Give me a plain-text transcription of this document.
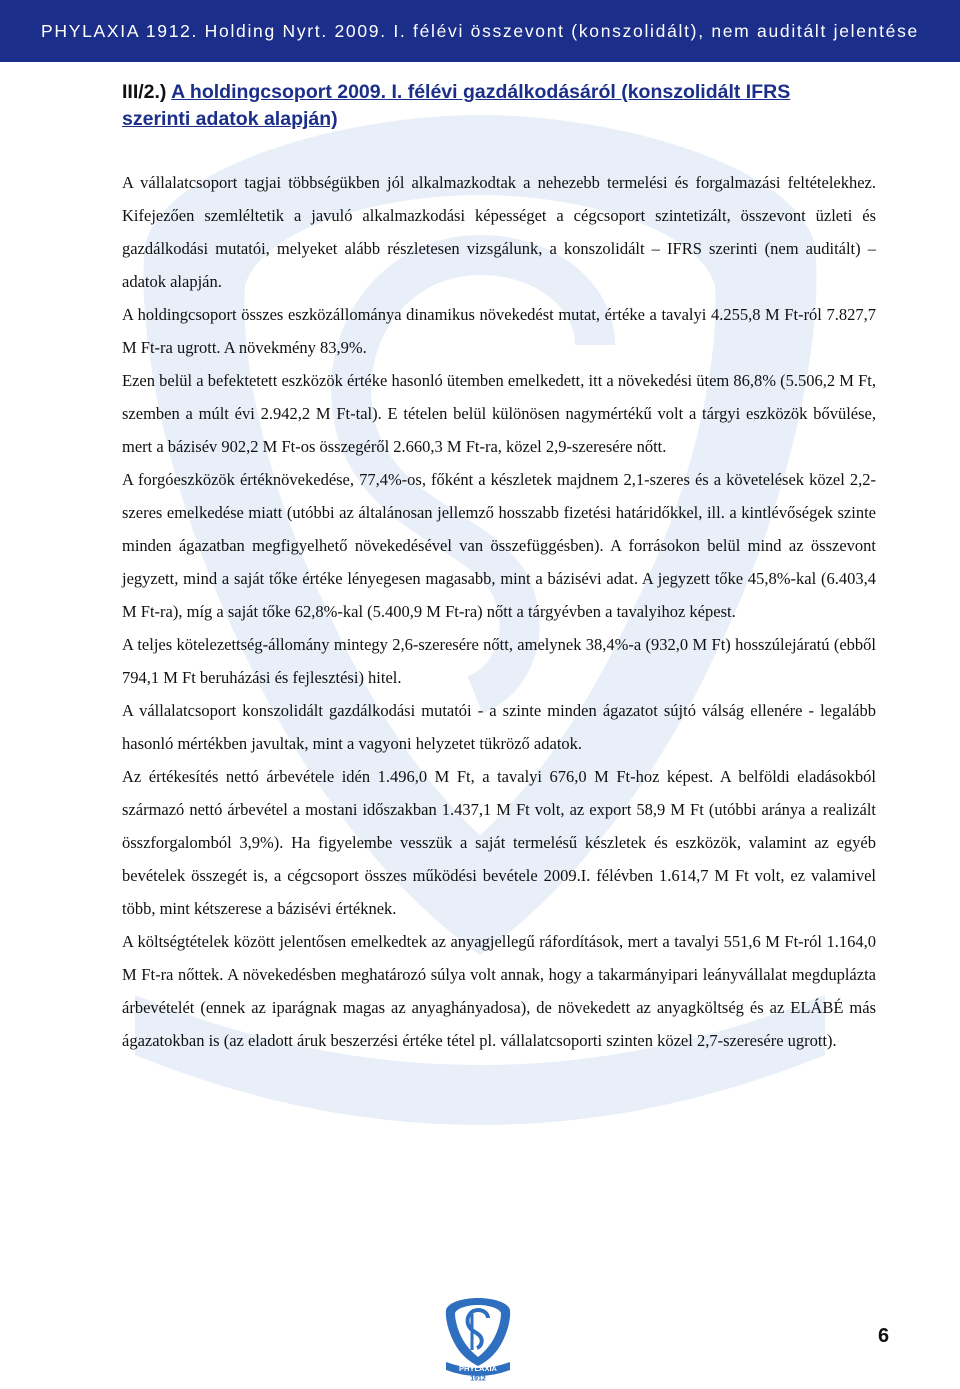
PHYLAXIA 1912. Holding Nyrt. 2009. I. félévi összevont (konszolidált), nem auditált jelentése
III/2.) A holdingcsoport 2009. I. félévi gazdálkodásáról (konszolidált IFRS szerinti adatok alapján)

A vállalatcsoport tagjai többségükben jól alkalmazkodtak a nehezebb termelési és forgalmazási feltételekhez. Kifejezően szemléltetik a javuló alkalmazkodási képességet a cégcsoport szintetizált, összevont üzleti és gazdálkodási mutatói, melyeket alább részletesen vizsgálunk, a konszolidált – IFRS szerinti (nem auditált) – adatok alapján.

A holdingcsoport összes eszközállománya dinamikus növekedést mutat, értéke a tavalyi 4.255,8 M Ft-ról 7.827,7 M Ft-ra ugrott. A növekmény 83,9%.

Ezen belül a befektetett eszközök értéke hasonló ütemben emelkedett, itt a növekedési ütem 86,8% (5.506,2 M Ft, szemben a múlt évi 2.942,2 M Ft-tal). E tételen belül különösen nagymértékű volt a tárgyi eszközök bővülése, mert a bázisév 902,2 M Ft-os összegéről 2.660,3 M Ft-ra, közel 2,9-szeresére nőtt.

A forgóeszközök értéknövekedése, 77,4%-os, főként a készletek majdnem 2,1-szeres és a követelések közel 2,2-szeres emelkedése miatt (utóbbi az általánosan jellemző hosszabb fizetési határidőkkel, ill. a kintlévőségek szinte minden ágazatban megfigyelhető növekedésével van összefüggésben). A forrásokon belül mind az összevont jegyzett, mind a saját tőke értéke lényegesen magasabb, mint a bázisévi adat. A jegyzett tőke 45,8%-kal (6.403,4 M Ft-ra), míg a saját tőke 62,8%-kal (5.400,9 M Ft-ra) nőtt a tárgyévben a tavalyihoz képest.

A teljes kötelezettség-állomány mintegy 2,6-szeresére nőtt, amelynek 38,4%-a (932,0 M Ft) hosszúlejáratú (ebből 794,1 M Ft beruházási és fejlesztési) hitel.

A vállalatcsoport konszolidált gazdálkodási mutatói - a szinte minden ágazatot sújtó válság ellenére - legalább hasonló mértékben javultak, mint a vagyoni helyzetet tükröző adatok.

Az értékesítés nettó árbevétele idén 1.496,0 M Ft, a tavalyi 676,0 M Ft-hoz képest. A belföldi eladásokból származó nettó árbevétel a mostani időszakban 1.437,1 M Ft volt, az export 58,9 M Ft (utóbbi aránya a realizált összforgalomból 3,9%). Ha figyelembe vesszük a saját termelésű készletek és eszközök, valamint az egyéb bevételek összegét is, a cégcsoport összes működési bevétele 2009.I. félévben 1.614,7 M Ft volt, ez valamivel több, mint kétszerese a bázisévi értéknek.

A költségtételek között jelentősen emelkedtek az anyagjellegű ráfordítások, mert a tavalyi 551,6 M Ft-ról 1.164,0 M Ft-ra nőttek. A növekedésben meghatározó súlya volt annak, hogy a takarmányipari leányvállalat megduplázta árbevételét (ennek az iparágnak magas az anyaghányadosa), de növekedett az anyagköltség és az ELÁBÉ más ágazatokban is (az eladott áruk beszerzési értéke tétel pl. vállalatcsoporti szinten közel 2,7-szeresére ugrott).

PHYLAXIA
1912
6
